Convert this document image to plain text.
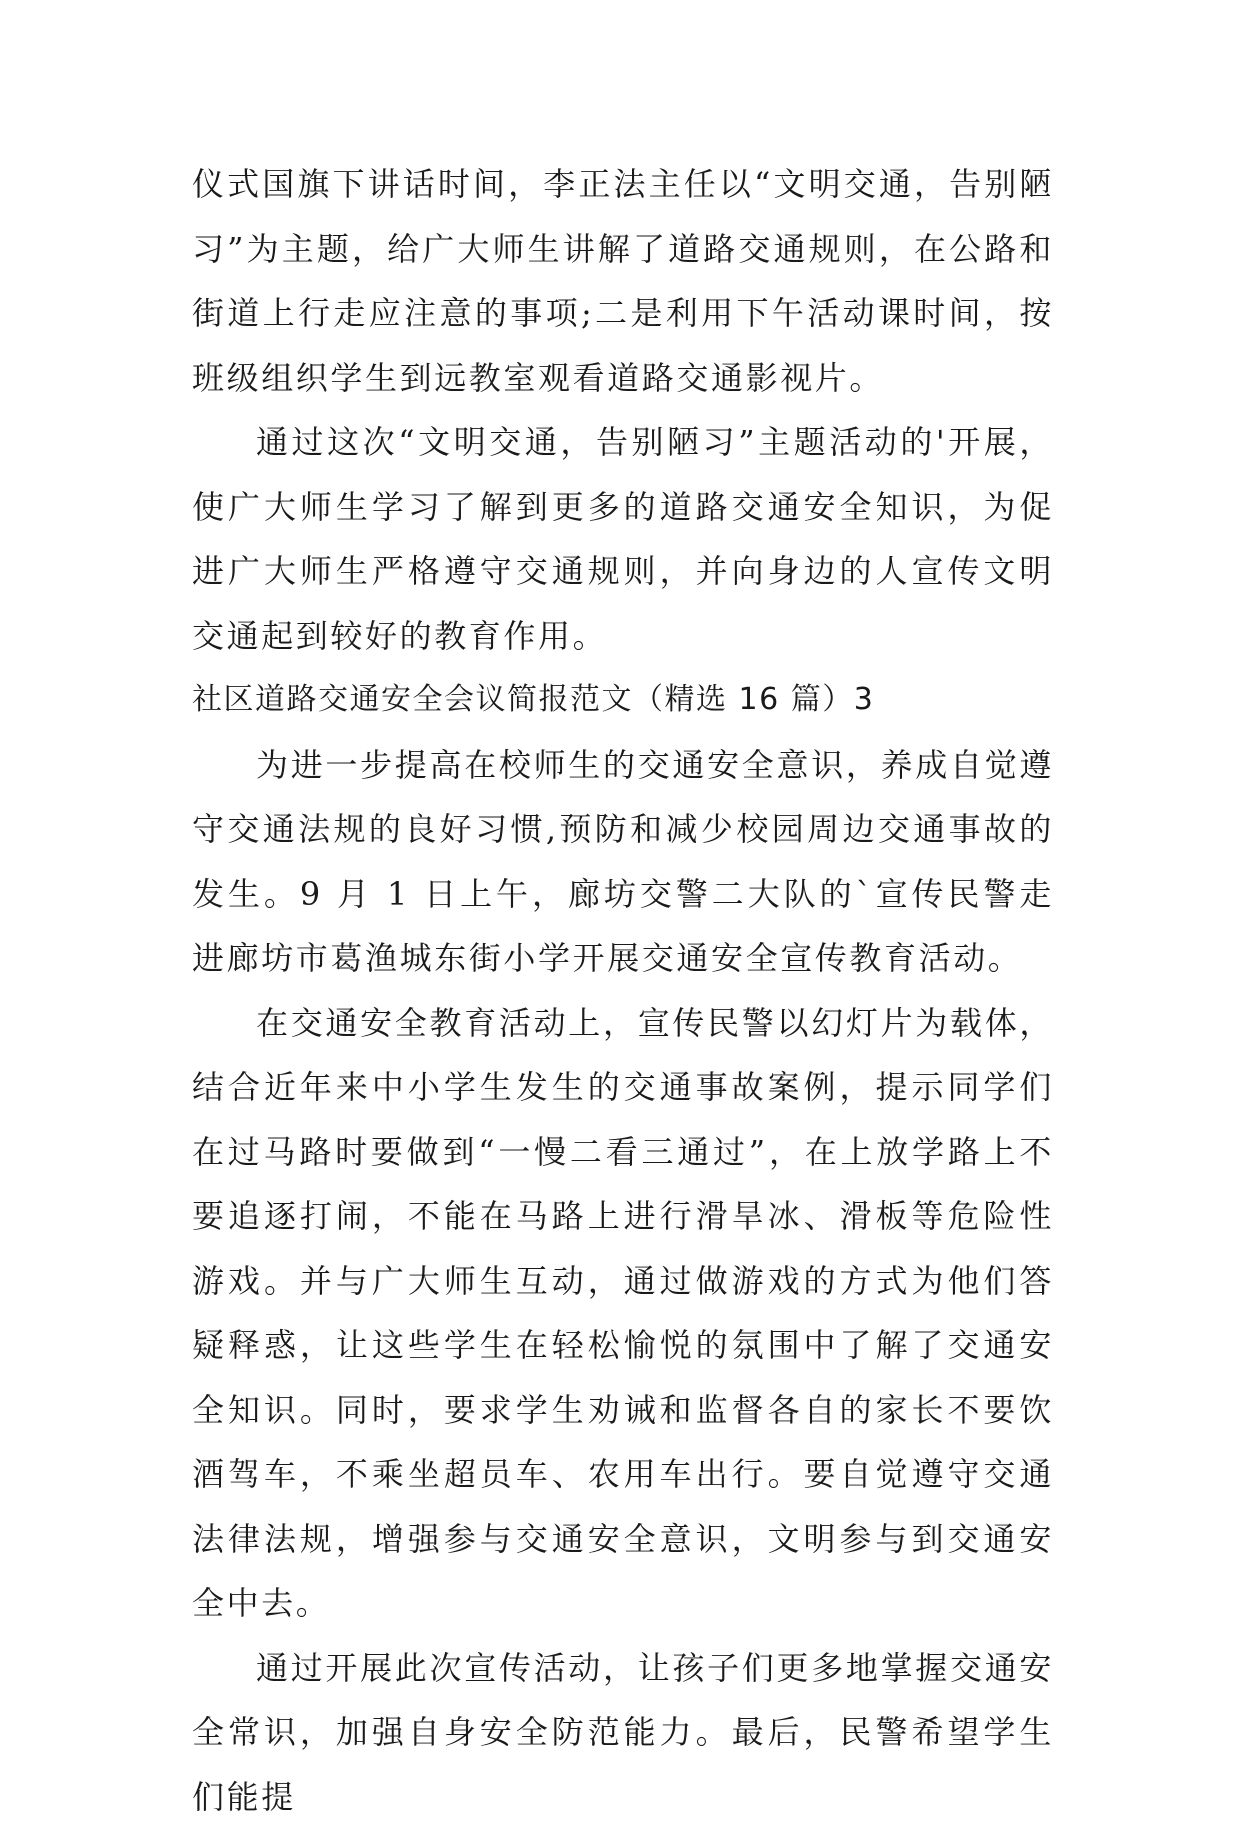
仪式国旗下讲话时间，李正法主任以“文明交通，告别陋习”为主题，给广大师生讲解了道路交通规则，在公路和街道上行走应注意的事项;二是利用下午活动课时间，按班级组织学生到远教室观看道路交通影视片。

通过这次“文明交通，告别陋习”主题活动的'开展，使广大师生学习了解到更多的道路交通安全知识，为促进广大师生严格遵守交通规则，并向身边的人宣传文明交通起到较好的教育作用。

社区道路交通安全会议简报范文（精选 16 篇）3

为进一步提高在校师生的交通安全意识，养成自觉遵守交通法规的良好习惯,预防和减少校园周边交通事故的发生。9 月 1 日上午，廊坊交警二大队的`宣传民警走进廊坊市葛渔城东街小学开展交通安全宣传教育活动。

在交通安全教育活动上，宣传民警以幻灯片为载体，结合近年来中小学生发生的交通事故案例，提示同学们在过马路时要做到“一慢二看三通过”，在上放学路上不要追逐打闹，不能在马路上进行滑旱冰、滑板等危险性游戏。并与广大师生互动，通过做游戏的方式为他们答疑释惑，让这些学生在轻松愉悦的氛围中了解了交通安全知识。同时，要求学生劝诫和监督各自的家长不要饮酒驾车，不乘坐超员车、农用车出行。要自觉遵守交通法律法规，增强参与交通安全意识，文明参与到交通安全中去。

通过开展此次宣传活动，让孩子们更多地掌握交通安全常识，加强自身安全防范能力。最后，民警希望学生们能提
